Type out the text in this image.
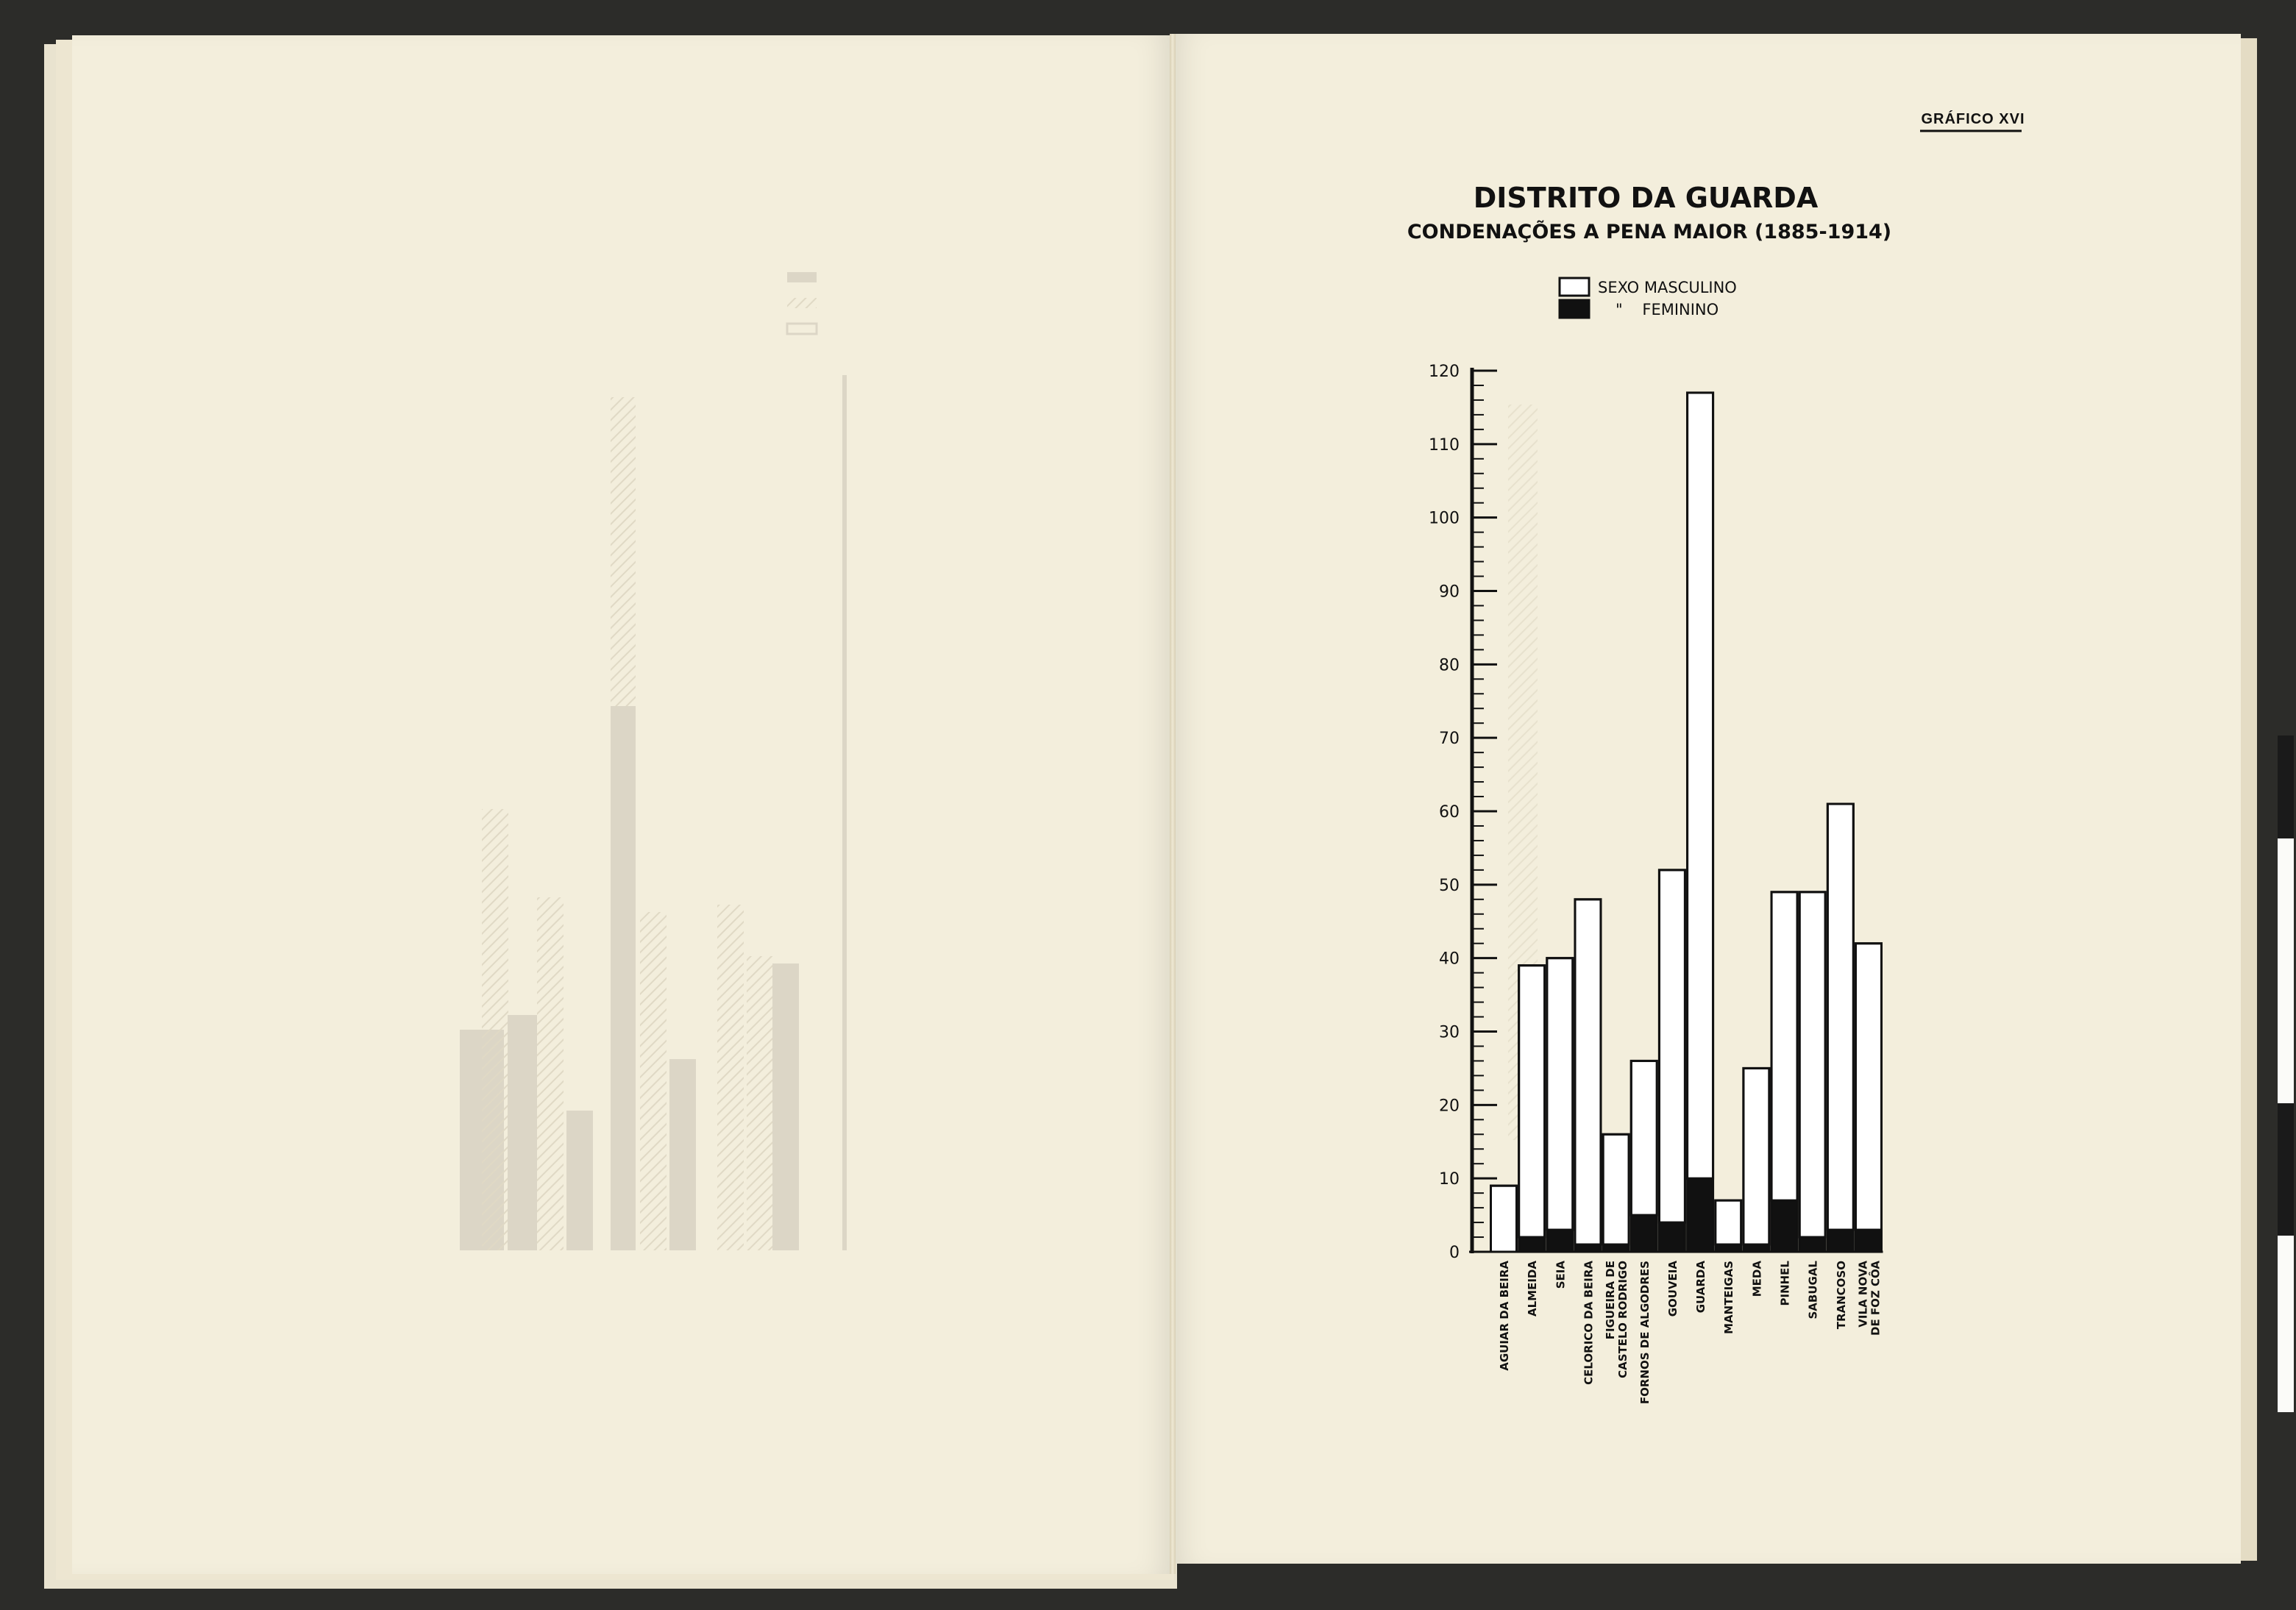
GRÁFICO XVI
DISTRITO DA GUARDA
CONDENAÇÕES A PENA MAIOR (1885-1914)
SEXO MASCULINO
"    FEMININO
0
10
20
30
40
50
60
70
80
90
100
110
120
AGUIAR DA BEIRA ALMEIDA SEIA CELORICO DA BEIRA FIGUEIRA DE CASTELO RODRIGO FORNOS DE ALGODRES GOUVEIA GUARDA MANTEIGAS MEDA PINHEL SABUGAL TRANCOSO VILA NOVA DE FOZ CÔA
